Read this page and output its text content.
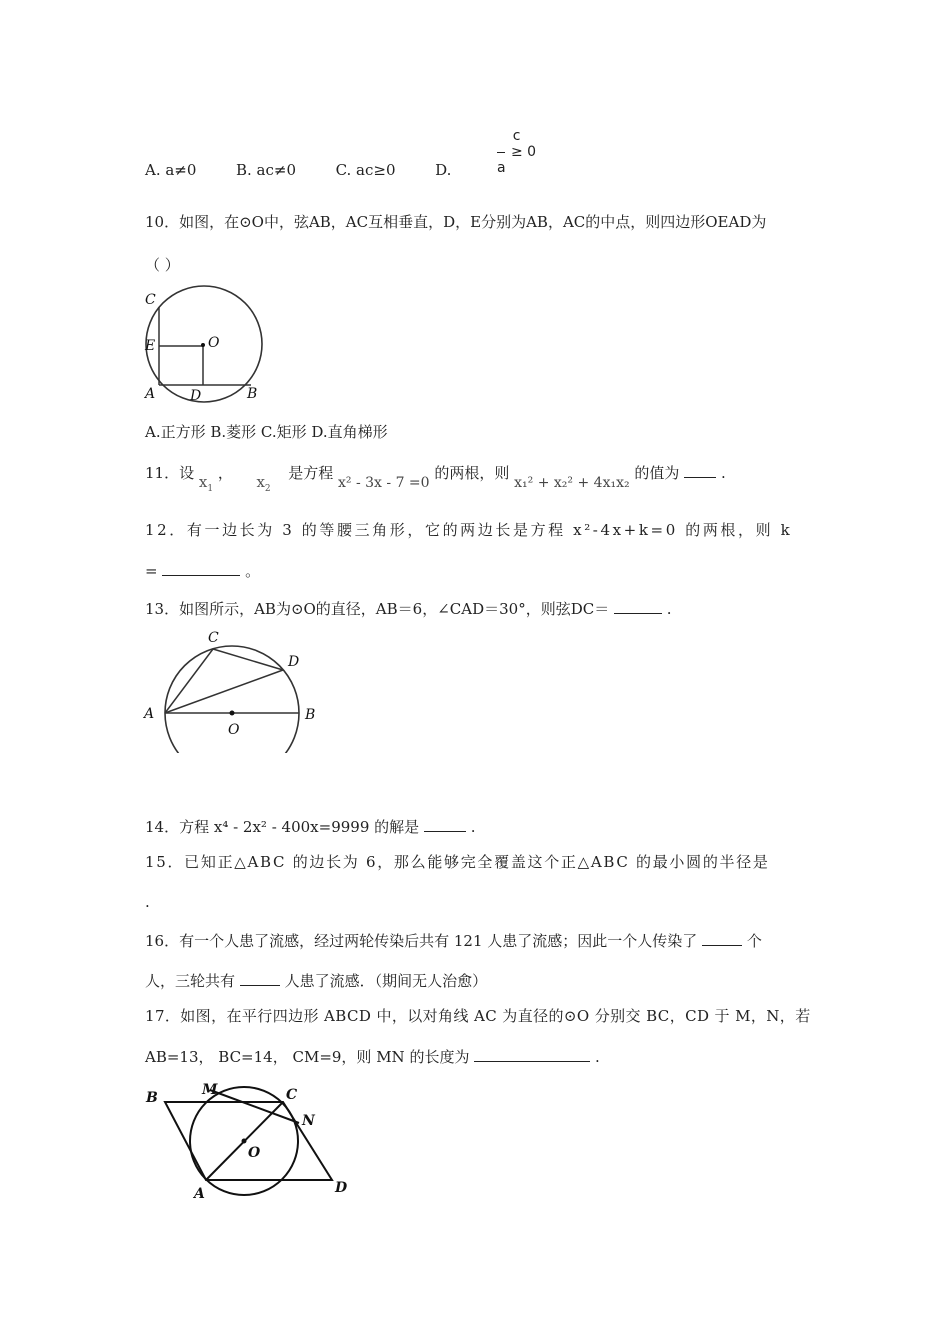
A. a≠0	B. ac≠0	C. ac≥0	D.
c
≥ 0
a
10．如图，在⊙O中，弦AB，AC互相垂直，D，E分别为AB，AC的中点，则四边形OEAD为
（ ）
C
E	O
A D	B
A.正方形 B.菱形 C.矩形 D.直角梯形
11．设 $x_1$ ， $x_2$  是方程 x² - 3x - 7 =0 的两根，则 x₁² + x₂² + 4x₁x₂ 的值为	.
12．有一边长为 3 的等腰三角形，它的两边长是方程 x²-4x+k=0 的两根，则 k
=	。
13．如图所示，AB为⊙O的直径，AB＝6，∠CAD＝30°，则弦DC＝	.
C
D
A
O
B
14．方程 x⁴ - 2x² - 400x=9999 的解是	.
15．已知正△ABC 的边长为 6，那么能够完全覆盖这个正△ABC 的最小圆的半径是
.
16．有一个人患了流感，经过两轮传染后共有 121 人患了流感；因此一个人传染了	个
人，三轮共有	人患了流感．（期间无人治愈）
17．如图，在平行四边形 ABCD 中，以对角线 AC 为直径的⊙O 分别交 BC，CD 于 M，N，若
AB=13， BC=14， CM=9，则 MN 的长度为	.
B	M	C
N
O
A	D
